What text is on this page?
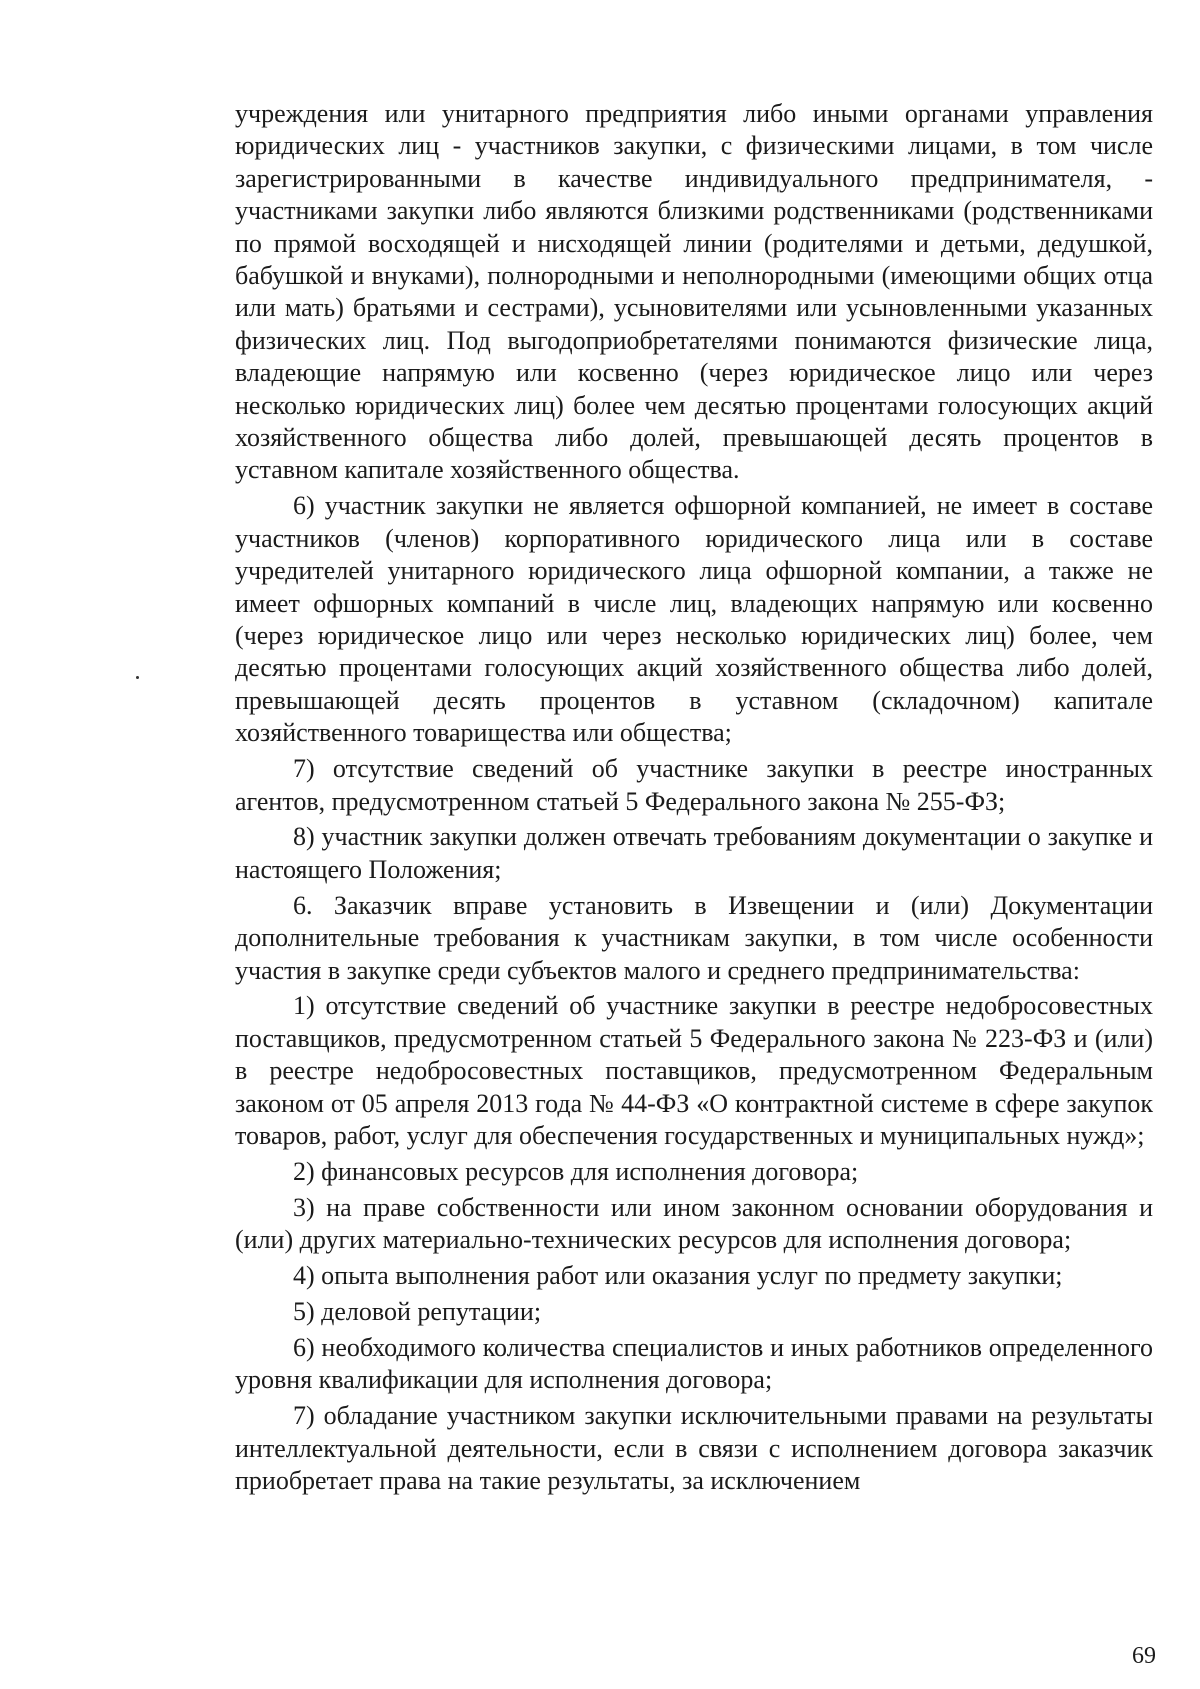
учреждения или унитарного предприятия либо иными органами управления юридических лиц - участников закупки, с физическими лицами, в том числе зарегистрированными в качестве индивидуального предпринимателя, - участниками закупки либо являются близкими родственниками (родственниками по прямой восходящей и нисходящей линии (родителями и детьми, дедушкой, бабушкой и внуками), полнородными и неполнородными (имеющими общих отца или мать) братьями и сестрами), усыновителями или усыновленными указанных физических лиц. Под выгодоприобретателями понимаются физические лица, владеющие напрямую или косвенно (через юридическое лицо или через несколько юридических лиц) более чем десятью процентами голосующих акций хозяйственного общества либо долей, превышающей десять процентов в уставном капитале хозяйственного общества.

6) участник закупки не является офшорной компанией, не имеет в составе участников (членов) корпоративного юридического лица или в составе учредителей унитарного юридического лица офшорной компании, а также не имеет офшорных компаний в числе лиц, владеющих напрямую или косвенно (через юридическое лицо или через несколько юридических лиц) более, чем десятью процентами голосующих акций хозяйственного общества либо долей, превышающей десять процентов в уставном (складочном) капитале хозяйственного товарищества или общества;

7) отсутствие сведений об участнике закупки в реестре иностранных агентов, предусмотренном статьей 5 Федерального закона № 255-ФЗ;

8) участник закупки должен отвечать требованиям документации о закупке и настоящего Положения;

6. Заказчик вправе установить в Извещении и (или) Документации дополнительные требования к участникам закупки, в том числе особенности участия в закупке среди субъектов малого и среднего предпринимательства:

1) отсутствие сведений об участнике закупки в реестре недобросовестных поставщиков, предусмотренном статьей 5 Федерального закона № 223-ФЗ и (или) в реестре недобросовестных поставщиков, предусмотренном Федеральным законом от 05 апреля 2013 года № 44-ФЗ «О контрактной системе в сфере закупок товаров, работ, услуг для обеспечения государственных и муниципальных нужд»;

2) финансовых ресурсов для исполнения договора;

3) на праве собственности или ином законном основании оборудования и (или) других материально-технических ресурсов для исполнения договора;

4) опыта выполнения работ или оказания услуг по предмету закупки;

5) деловой репутации;

6) необходимого количества специалистов и иных работников определенного уровня квалификации для исполнения договора;

7) обладание участником закупки исключительными правами на результаты интеллектуальной деятельности, если в связи с исполнением договора заказчик приобретает права на такие результаты, за исключением

69
